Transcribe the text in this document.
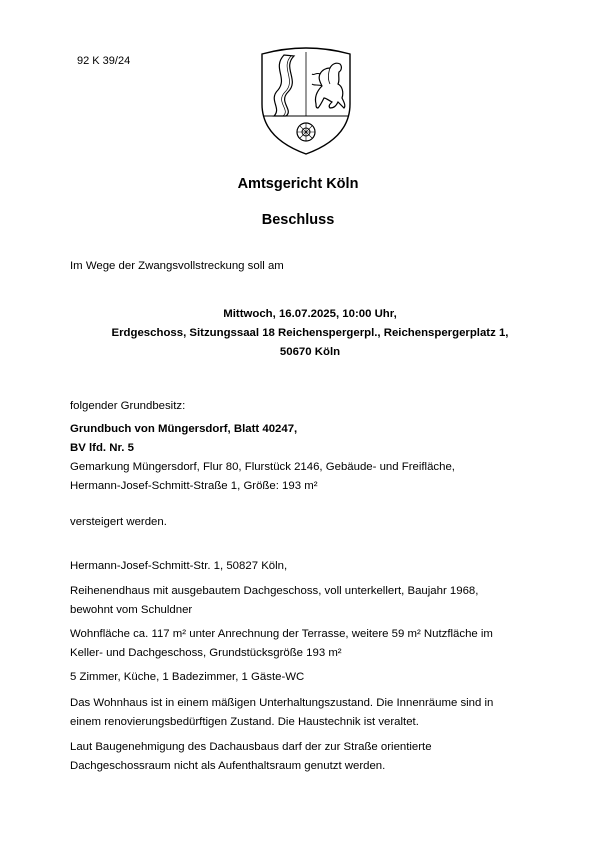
92 K 39/24
Amtsgericht Köln
Beschluss
Im Wege der Zwangsvollstreckung soll am
Mittwoch, 16.07.2025, 10:00 Uhr,
Erdgeschoss, Sitzungssaal 18 Reichenspergerpl., Reichenspergerplatz 1,
50670 Köln
folgender Grundbesitz:
Grundbuch von Müngersdorf, Blatt 40247,
BV lfd. Nr. 5
Gemarkung Müngersdorf, Flur 80, Flurstück 2146, Gebäude- und Freifläche,
Hermann-Josef-Schmitt-Straße 1, Größe: 193 m²
versteigert werden.
Hermann-Josef-Schmitt-Str. 1, 50827 Köln,
Reihenendhaus mit ausgebautem Dachgeschoss, voll unterkellert, Baujahr 1968,
bewohnt vom Schuldner
Wohnfläche ca. 117 m² unter Anrechnung der Terrasse, weitere 59 m² Nutzfläche im
Keller- und Dachgeschoss, Grundstücksgröße 193 m²
5 Zimmer, Küche, 1 Badezimmer, 1 Gäste-WC
Das Wohnhaus ist in einem mäßigen Unterhaltungszustand. Die Innenräume sind in
einem renovierungsbedürftigen Zustand. Die Haustechnik ist veraltet.
Laut Baugenehmigung des Dachausbaus darf der zur Straße orientierte
Dachgeschossraum nicht als Aufenthaltsraum genutzt werden.
